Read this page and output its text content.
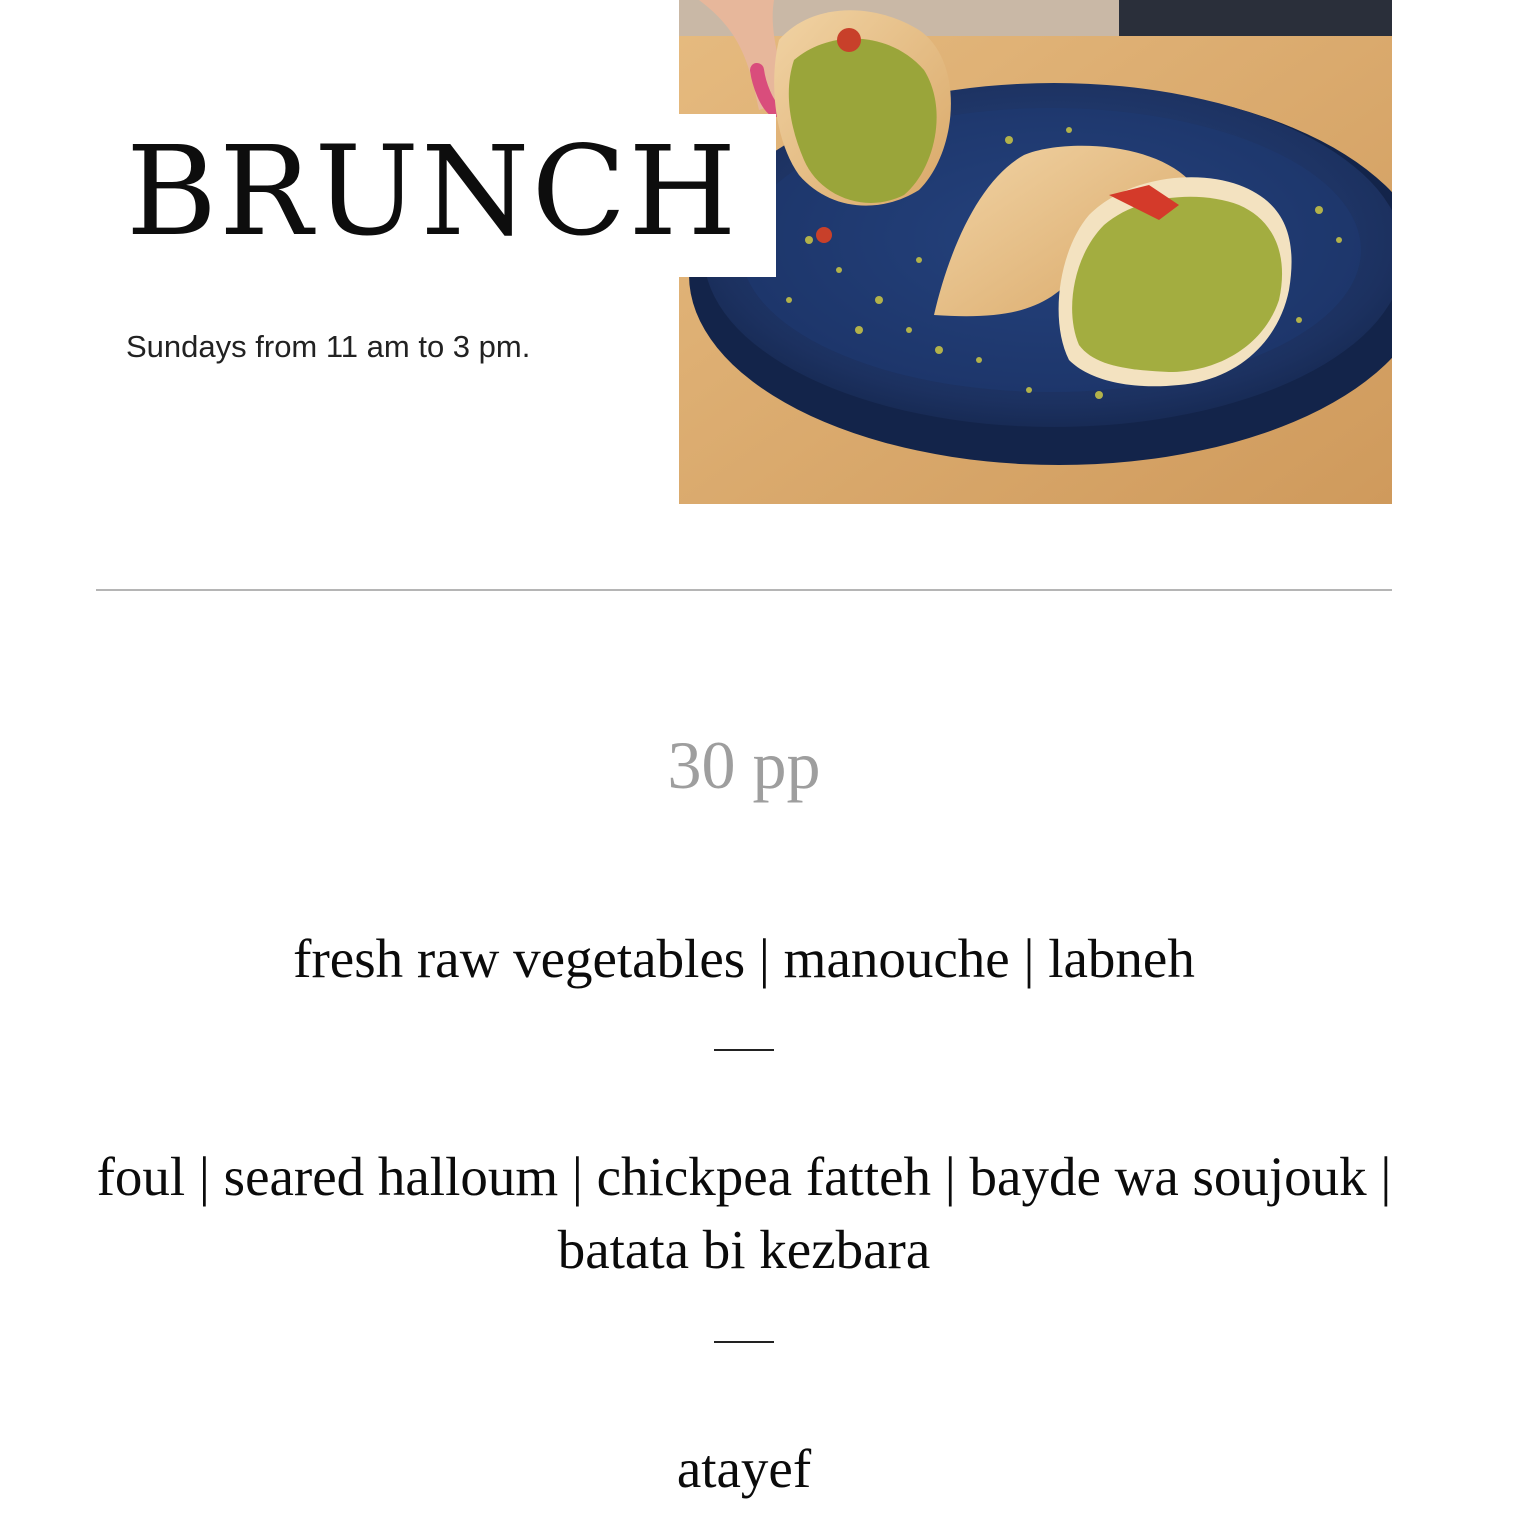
BRUNCH

Sundays from 11 am to 3 pm.

30 pp

fresh raw vegetables | manouche | labneh

foul | seared halloum | chickpea fatteh | bayde wa soujouk | batata bi kezbara

atayef
